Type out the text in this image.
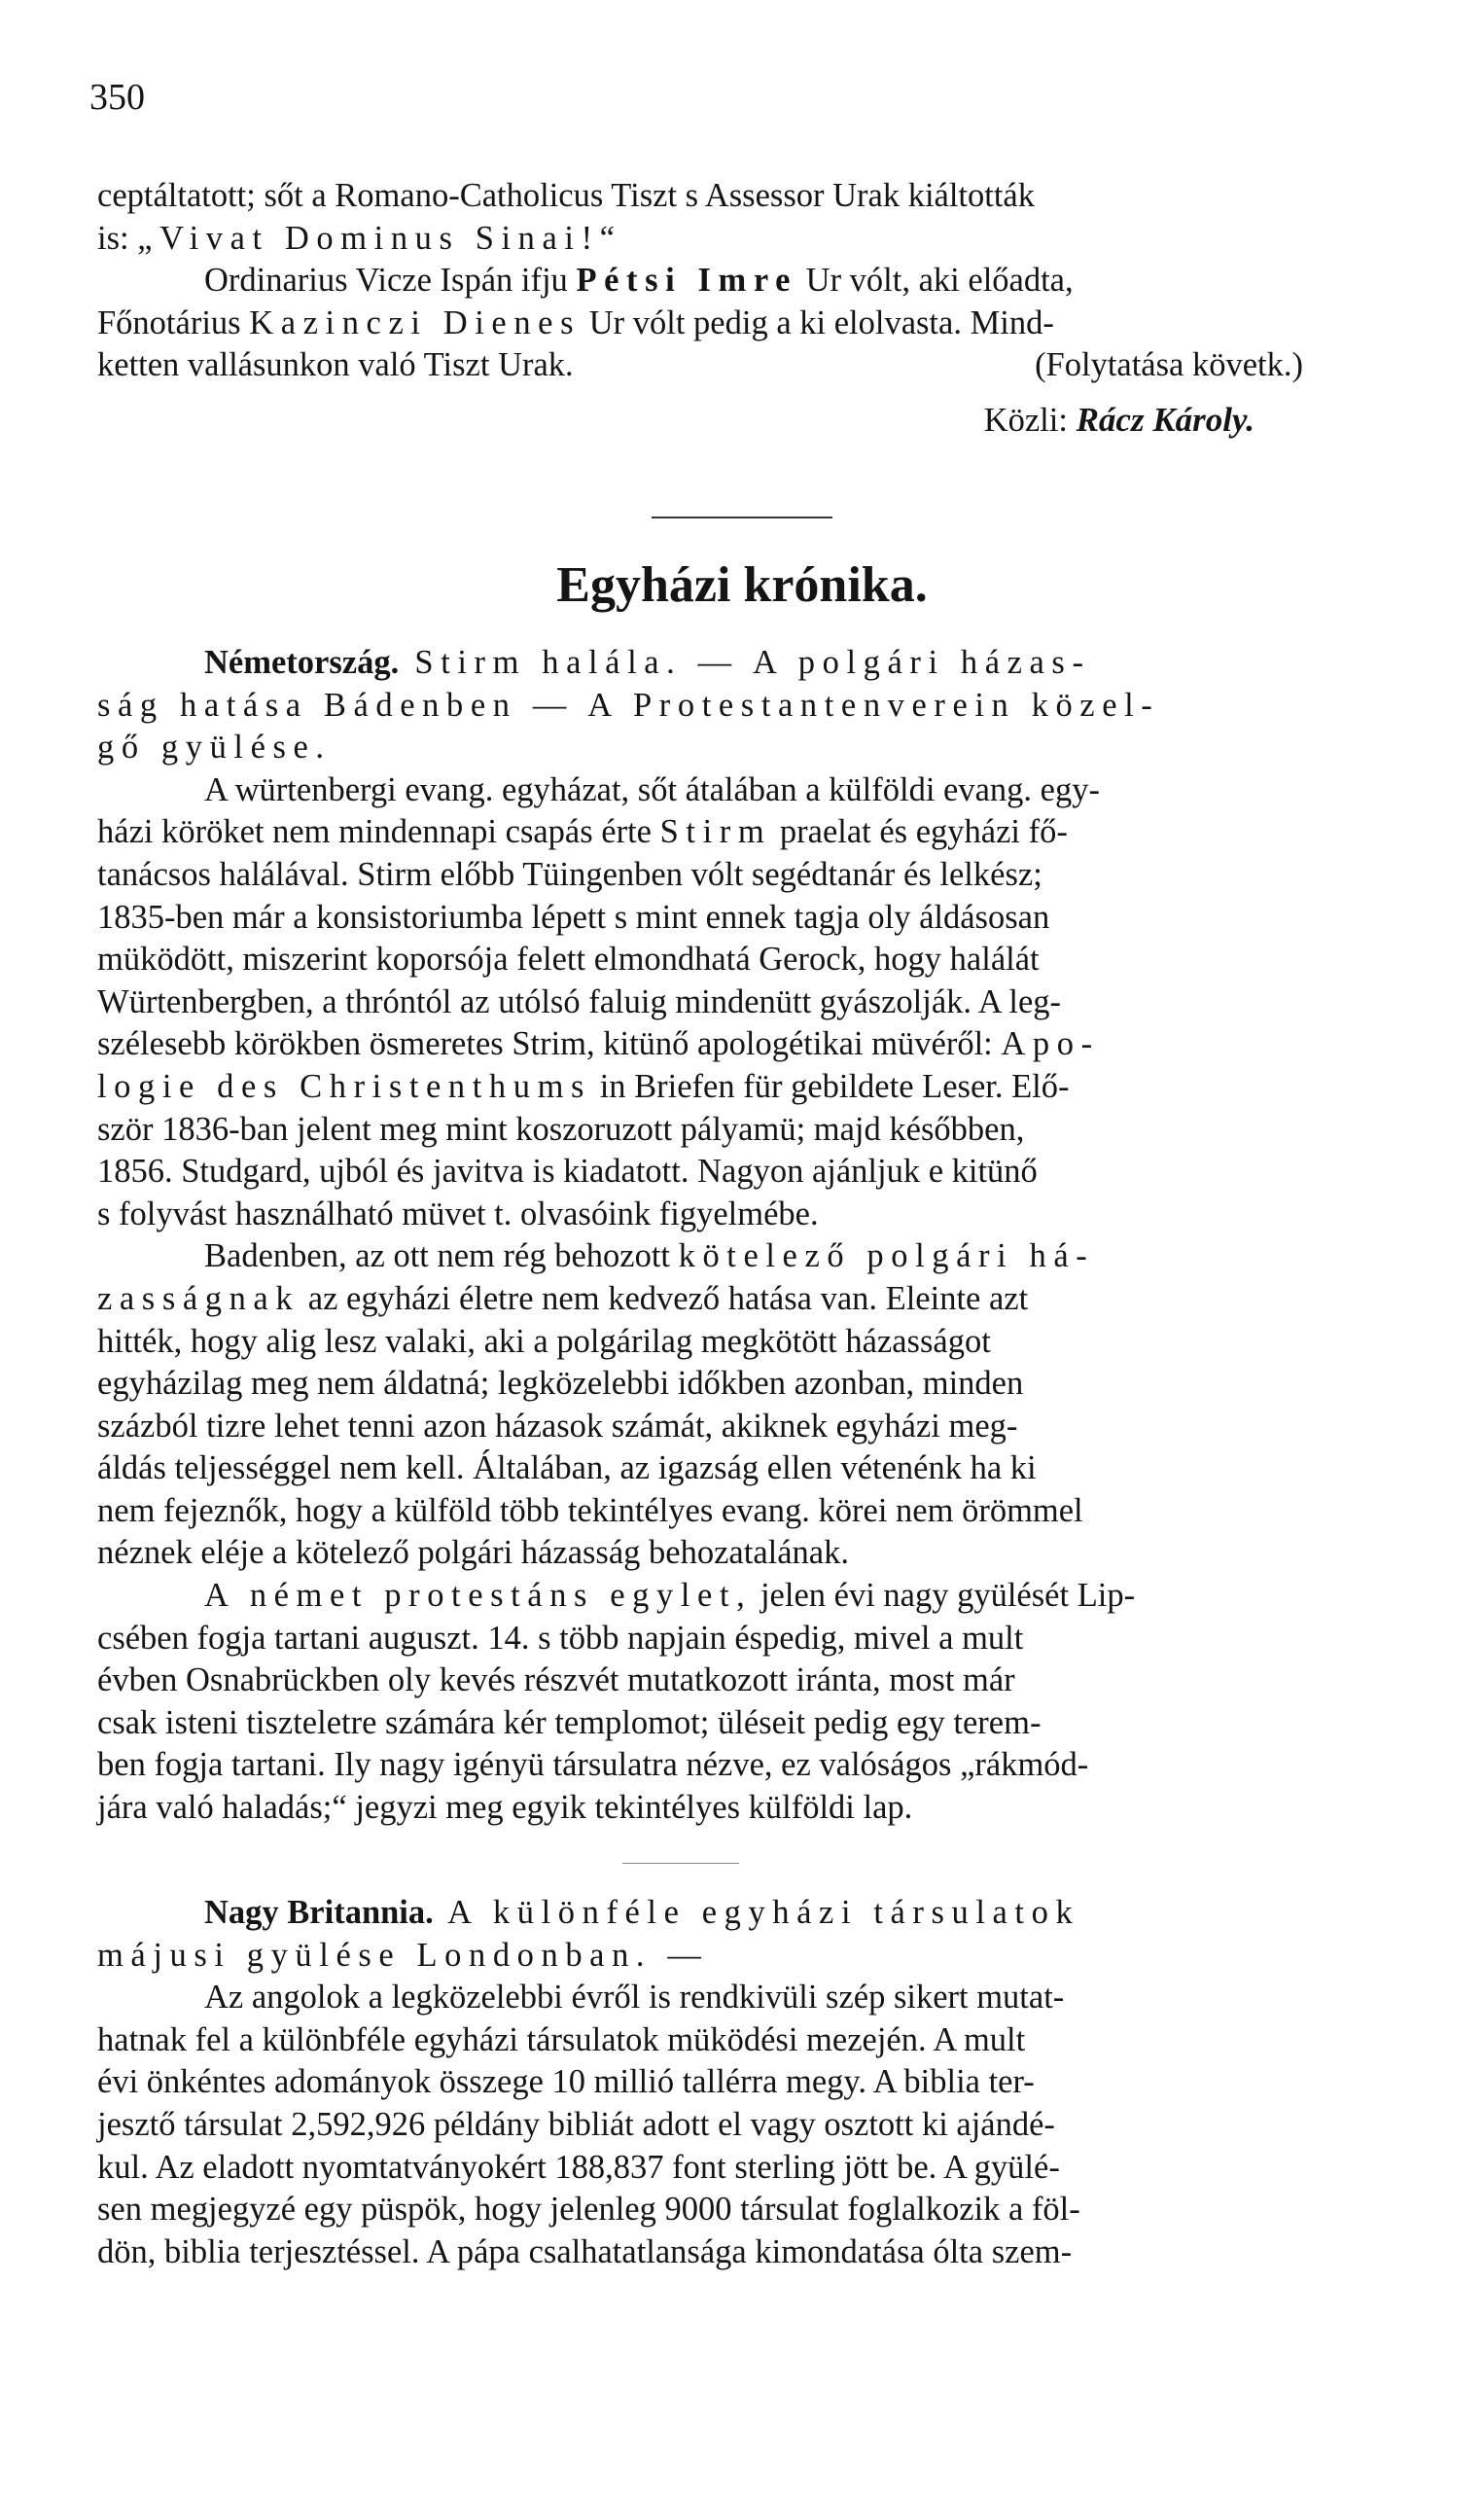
350
ceptáltatott; sőt a Romano-Catholicus Tiszt s Assessor Urak kiáltották
is: „Vivat Dominus Sinai!“
Ordinarius Vicze Ispán ifju Pétsi Imre Ur vólt, aki előadta,
Főnotárius Kazinczi Dienes Ur vólt pedig a ki elolvasta. Mind-
ketten vallásunkon való Tiszt Urak.	(Folytatása követk.)
Közli: Rácz Károly.
Egyházi krónika.
Németország. Stirm halála. — A polgári házas-
ság hatása Bádenben — A Protestantenverein közel-
gő gyülése.
A würtenbergi evang. egyházat, sőt átalában a külföldi evang. egy-
házi köröket nem mindennapi csapás érte Stirm praelat és egyházi fő-
tanácsos halálával. Stirm előbb Tüingenben vólt segédtanár és lelkész;
1835-ben már a konsistoriumba lépett s mint ennek tagja oly áldásosan
müködött, miszerint koporsója felett elmondhatá Gerock, hogy halálát
Würtenbergben, a thróntól az utólsó faluig mindenütt gyászolják. A leg-
szélesebb körökben ösmeretes Strim, kitünő apologétikai müvéről: Apo-
logie des Christenthums in Briefen für gebildete Leser. Elő-
ször 1836-ban jelent meg mint koszoruzott pályamü; majd későbben,
1856. Studgard, ujból és javitva is kiadatott. Nagyon ajánljuk e kitünő
s folyvást használható müvet t. olvasóink figyelmébe.
Badenben, az ott nem rég behozott kötelező polgári há-
zasságnak az egyházi életre nem kedvező hatása van. Eleinte azt
hitték, hogy alig lesz valaki, aki a polgárilag megkötött házasságot
egyházilag meg nem áldatná; legközelebbi időkben azonban, minden
százból tizre lehet tenni azon házasok számát, akiknek egyházi meg-
áldás teljességgel nem kell. Általában, az igazság ellen vétenénk ha ki
nem fejeznők, hogy a külföld több tekintélyes evang. körei nem örömmel
néznek eléje a kötelező polgári házasság behozatalának.
A német protestáns egylet, jelen évi nagy gyülését Lip-
csében fogja tartani auguszt. 14. s több napjain éspedig, mivel a mult
évben Osnabrückben oly kevés részvét mutatkozott iránta, most már
csak isteni tiszteletre számára kér templomot; üléseit pedig egy terem-
ben fogja tartani. Ily nagy igényü társulatra nézve, ez valóságos „rákmód-
jára való haladás;“ jegyzi meg egyik tekintélyes külföldi lap.
Nagy Britannia. A különféle egyházi társulatok
májusi gyülése Londonban. —
Az angolok a legközelebbi évről is rendkivüli szép sikert mutat-
hatnak fel a különbféle egyházi társulatok müködési mezején. A mult
évi önkéntes adományok összege 10 millió tallérra megy. A biblia ter-
jesztő társulat 2,592,926 példány bibliát adott el vagy osztott ki ajándé-
kul. Az eladott nyomtatványokért 188,837 font sterling jött be. A gyülé-
sen megjegyzé egy püspök, hogy jelenleg 9000 társulat foglalkozik a föl-
dön, biblia terjesztéssel. A pápa csalhatatlansága kimondatása ólta szem-
